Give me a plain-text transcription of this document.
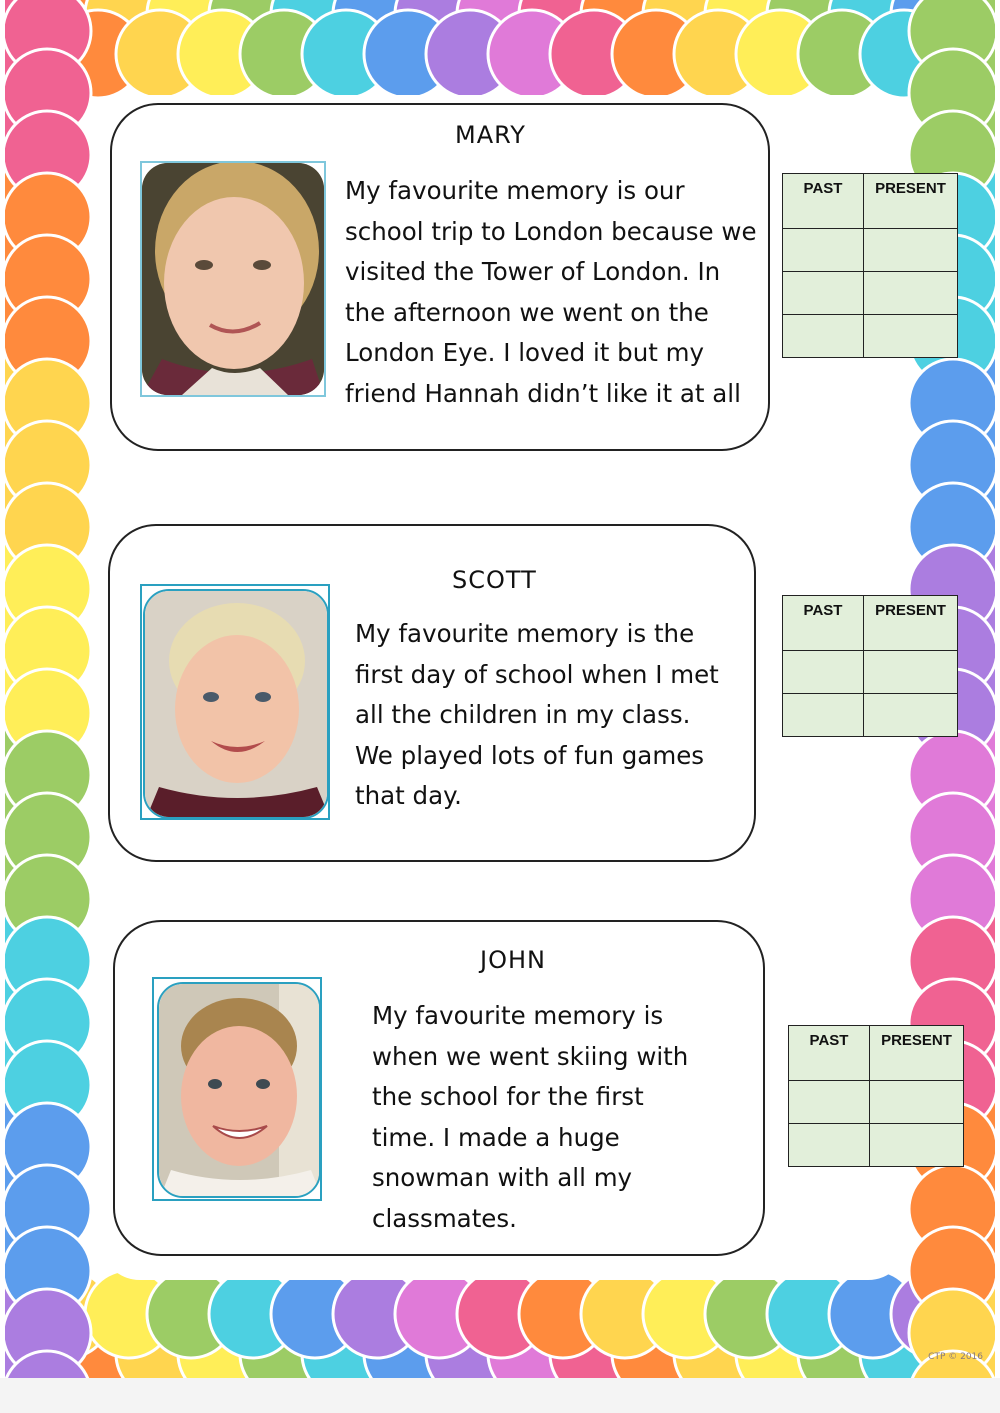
MARY
My favourite memory is our school trip to London because we visited the Tower of London. In the afternoon we went on the London Eye. I loved it but my friend Hannah didn’t like it at all
SCOTT
My favourite memory is the first day of school when I met all the children in my class. We played lots of fun games that day.
JOHN
My favourite memory is when we went skiing with the school for the first time. I made a huge snowman with all my classmates.
PAST	PRESENT

PAST	PRESENT

PAST	PRESENT

CTP © 2016
